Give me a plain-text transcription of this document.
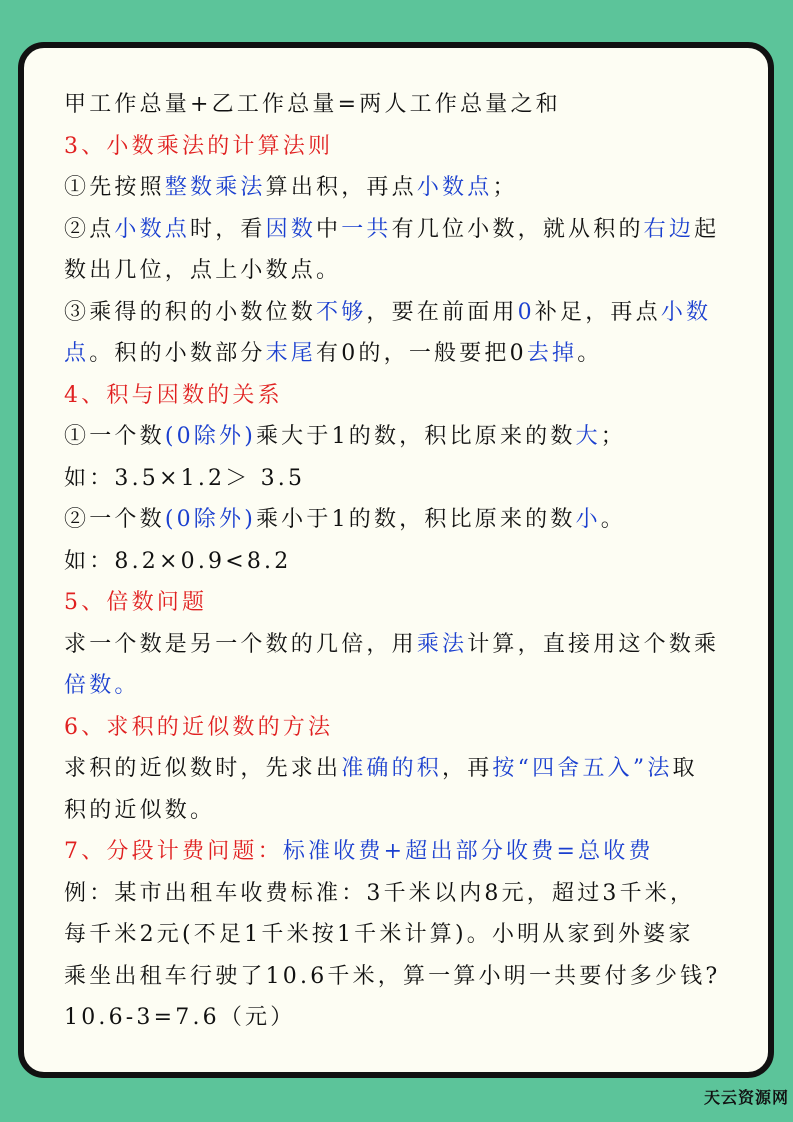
甲工作总量+乙工作总量=两人工作总量之和
3、小数乘法的计算法则
①先按照整数乘法算出积，再点小数点；
②点小数点时，看因数中一共有几位小数，就从积的右边起
数出几位，点上小数点。
③乘得的积的小数位数不够，要在前面用0补足，再点小数
点。积的小数部分末尾有0的，一般要把0去掉。
4、积与因数的关系
①一个数(0除外)乘大于1的数，积比原来的数大；
如：3.5×1.2＞ 3.5
②一个数(0除外)乘小于1的数，积比原来的数小。
如：8.2×0.9<8.2
5、倍数问题
求一个数是另一个数的几倍，用乘法计算，直接用这个数乘
倍数。
6、求积的近似数的方法
求积的近似数时，先求出准确的积，再按“四舍五入”法取
积的近似数。
7、分段计费问题：标准收费+超出部分收费=总收费
例：某市出租车收费标准：3千米以内8元，超过3千米，
每千米2元(不足1千米按1千米计算)。小明从家到外婆家
乘坐出租车行驶了10.6千米，算一算小明一共要付多少钱?
10.6-3=7.6（元）
天云资源网
